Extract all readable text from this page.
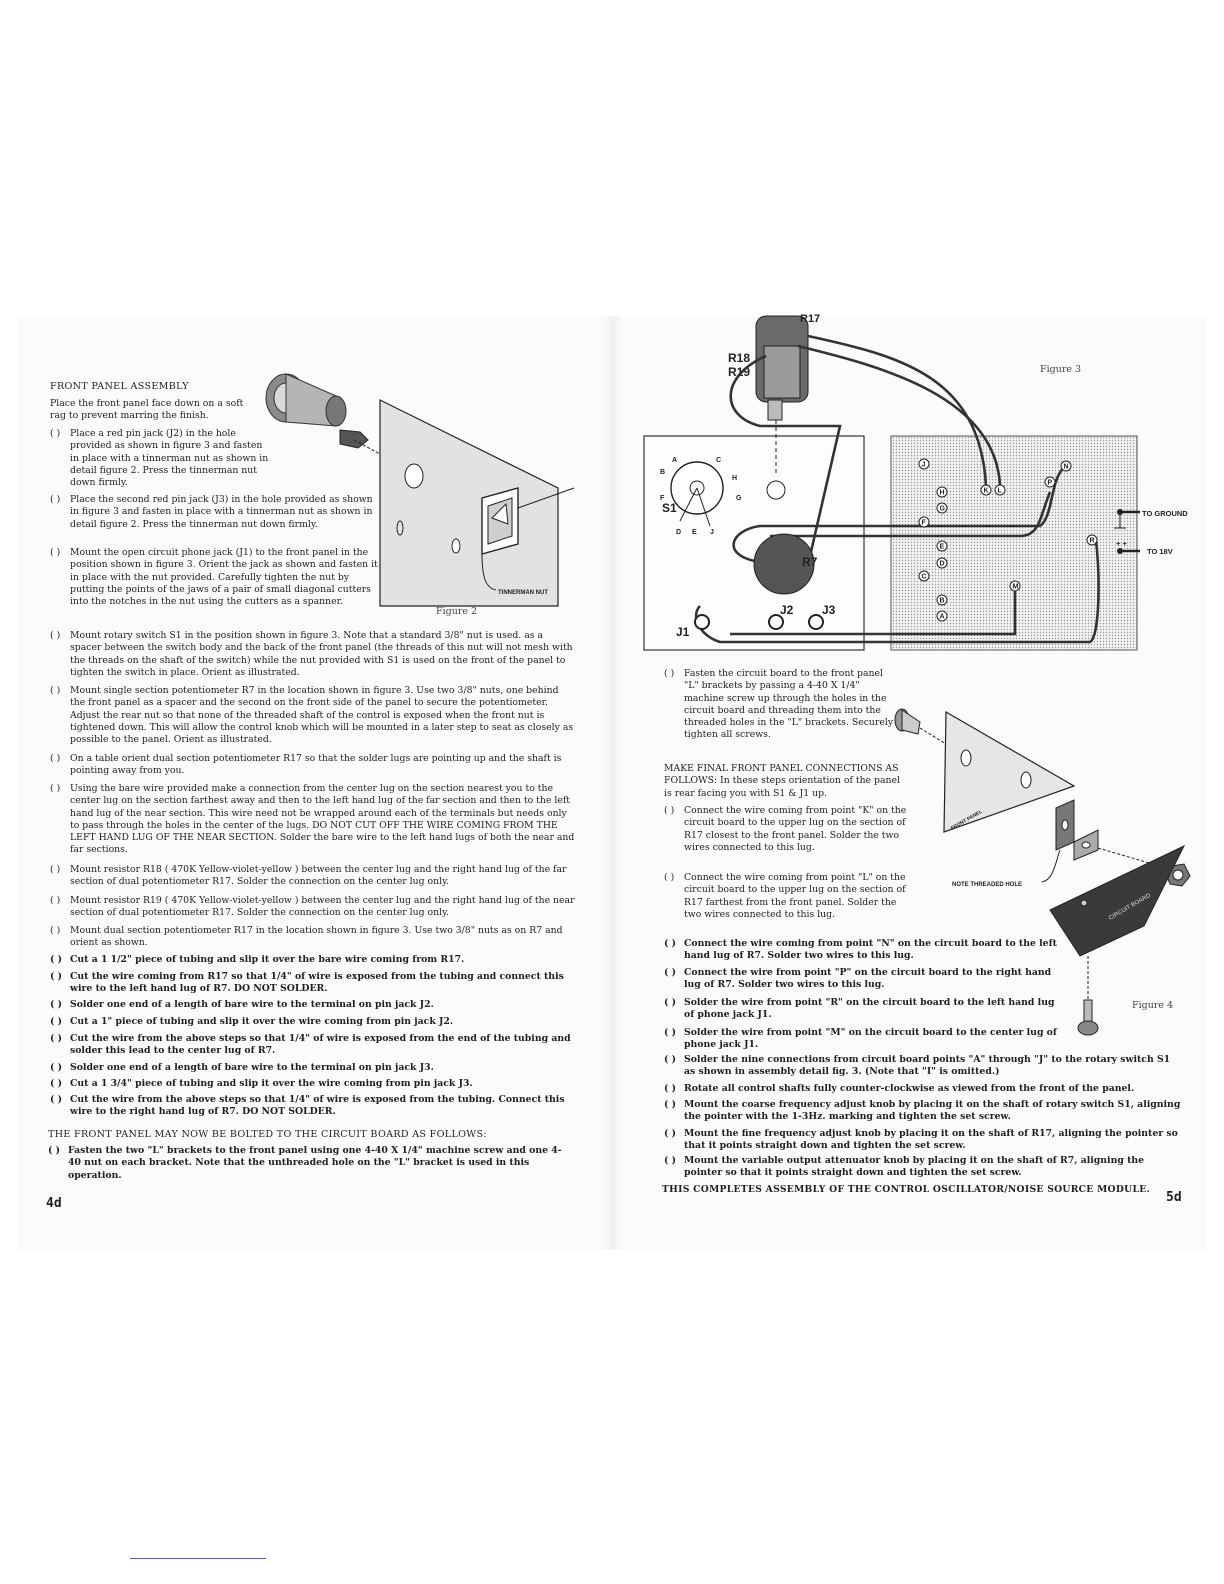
FRONT PANEL ASSEMBLY

Place the front panel face down on a soft rag to prevent marring the finish.

( ) Place a red pin jack (J2) in the hole provided as shown in figure 3 and fasten in place with a tinnerman nut as shown in detail figure 2. Press the tinnerman nut down firmly.
( ) Place the second red pin jack (J3) in the hole provided as shown in figure 3 and fasten in place with a tinnerman nut as shown in detail figure 2. Press the tinnerman nut down firmly.
( ) Mount the open circuit phone jack (J1) to the front panel in the position shown in figure 3. Orient the jack as shown and fasten it in place with the nut provided. Carefully tighten the nut by putting the points of the jaws of a pair of small diagonal cutters into the notches in the nut using the cutters as a spanner.
( ) Mount rotary switch S1 in the position shown in figure 3. Note that a standard 3/8" nut is used. as a spacer between the switch body and the back of the front panel (the threads of this nut will not mesh with the threads on the shaft of the switch) while the nut provided with S1 is used on the front of the panel to tighten the switch in place. Orient as illustrated.
( ) Mount single section potentiometer R7 in the location shown in figure 3. Use two 3/8" nuts, one behind the front panel as a spacer and the second on the front side of the panel to secure the potentiometer. Adjust the rear nut so that none of the threaded shaft of the control is exposed when the front nut is tightened down. This will allow the control knob which will be mounted in a later step to seat as closely as possible to the panel. Orient as illustrated.
( ) On a table orient dual section potentiometer R17 so that the solder lugs are pointing up and the shaft is pointing away from you.
( ) Using the bare wire provided make a connection from the center lug on the section nearest you to the center lug on the section farthest away and then to the left hand lug of the far section and then to the left hand lug of the near section. This wire need not be wrapped around each of the terminals but needs only to pass through the holes in the center of the lugs. DO NOT CUT OFF THE WIRE COMING FROM THE LEFT HAND LUG OF THE NEAR SECTION. Solder the bare wire to the left hand lugs of both the near and far sections.
( ) Mount resistor R18 ( 470K Yellow-violet-yellow ) between the center lug and the right hand lug of the far section of dual potentiometer R17. Solder the connection on the center lug only.
( ) Mount resistor R19 ( 470K Yellow-violet-yellow ) between the center lug and the right hand lug of the near section of dual potentiometer R17. Solder the connection on the center lug only.
( ) Mount dual section potentiometer R17 in the location shown in figure 3. Use two 3/8" nuts as on R7 and orient as shown.
( ) Cut a 1 1/2" piece of tubing and slip it over the bare wire coming from R17.
( ) Cut the wire coming from R17 so that 1/4" of wire is exposed from the tubing and connect this wire to the left hand lug of R7. DO NOT SOLDER.
( ) Solder one end of a length of bare wire to the terminal on pin jack J2.
( ) Cut a 1" piece of tubing and slip it over the wire coming from pin jack J2.
( ) Cut the wire from the above steps so that 1/4" of wire is exposed from the end of the tubing and solder this lead to the center lug of R7.
( ) Solder one end of a length of bare wire to the terminal on pin jack J3.
( ) Cut a 1 3/4" piece of tubing and slip it over the wire coming from pin jack J3.
( ) Cut the wire from the above steps so that 1/4" of wire is exposed from the tubing. Connect this wire to the right hand lug of R7. DO NOT SOLDER.
THE FRONT PANEL MAY NOW BE BOLTED TO THE CIRCUIT BOARD AS FOLLOWS:
( ) Fasten the two "L" brackets to the front panel using one 4-40 X 1/4" machine screw and one 4-40 nut on each bracket. Note that the unthreaded hole on the "L" bracket is used in this operation.
4d
TINNERMAN NUT
Figure 2
Figure 3
R17
R18
R19
S1
A
B
C
D E
F	G
H
J
R7
J1
J2 J3
J
H
G
F
E
D
C
B
A
K L
N
P
R
M
TO GROUND
+ +
TO 18V
( ) Fasten the circuit board to the front panel "L" brackets by passing a 4-40 X 1/4" machine screw up through the holes in the circuit board and threading them into the threaded holes in the "L" brackets. Securely tighten all screws.

MAKE FINAL FRONT PANEL CONNECTIONS AS FOLLOWS: In these steps orientation of the panel is rear facing you with S1 & J1 up.

( ) Connect the wire coming from point "K" on the circuit board to the upper lug on the section of R17 closest to the front panel. Solder the two wires connected to this lug.
( ) Connect the wire coming from point "L" on the circuit board to the upper lug on the section of R17 farthest from the front panel. Solder the two wires connected to this lug.
( ) Connect the wire coming from point "N" on the circuit board to the left hand lug of R7. Solder two wires to this lug.
( ) Connect the wire from point "P" on the circuit board to the right hand lug of R7. Solder two wires to this lug.
( ) Solder the wire from point "R" on the circuit board to the left hand lug of phone jack J1.
( ) Solder the wire from point "M" on the circuit board to the center lug of phone jack J1.
( ) Solder the nine connections from circuit board points "A" through "J" to the rotary switch S1 as shown in assembly detail fig. 3. (Note that "I" is omitted.)
( ) Rotate all control shafts fully counter-clockwise as viewed from the front of the panel.
( ) Mount the coarse frequency adjust knob by placing it on the shaft of rotary switch S1, aligning the pointer with the 1-3Hz. marking and tighten the set screw.
( ) Mount the fine frequency adjust knob by placing it on the shaft of R17, aligning the pointer so that it points straight down and tighten the set screw.
( ) Mount the variable output attenuator knob by placing it on the shaft of R7, aligning the pointer so that it points straight down and tighten the set screw.
THIS COMPLETES ASSEMBLY OF THE CONTROL OSCILLATOR/NOISE SOURCE MODULE.
5d
FRONT PANEL
CIRCUIT BOARD
NOTE THREADED HOLE
Figure 4
